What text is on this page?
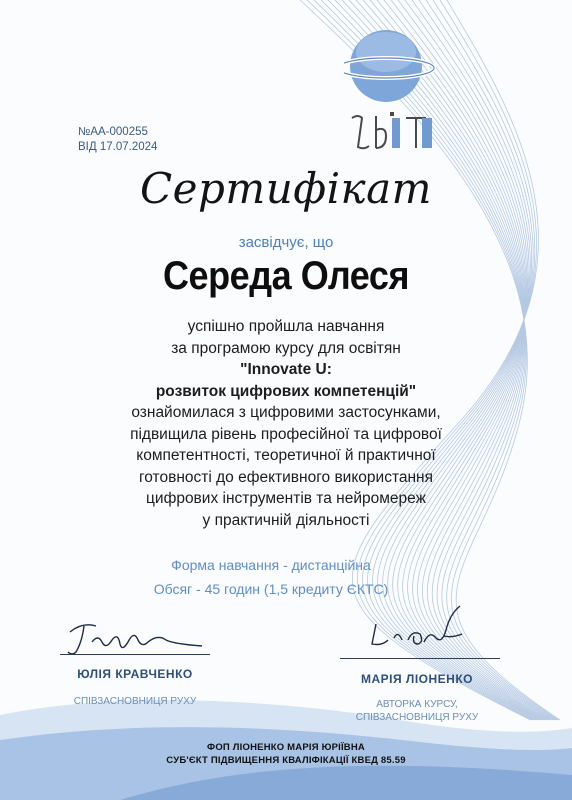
№АА-000255
ВІД 17.07.2024
Сертифікат
засвідчує, що
Середа Олеся
успішно пройшла навчання
за програмою курсу для освітян
"Innovate U:
розвиток цифрових компетенцій"
ознайомилася з цифровими застосунками,
підвищила рівень професійної та цифрової
компетентності, теоретичної й практичної
готовності до ефективного використання
цифрових інструментів та нейромереж
у практичній діяльності
Форма навчання - дистанційна
Обсяг - 45 годин (1,5 кредиту ЄКТС)
ЮЛІЯ КРАВЧЕНКО
СПІВЗАСНОВНИЦЯ РУХУ
МАРІЯ ЛІОНЕНКО
АВТОРКА КУРСУ,
СПІВЗАСНОВНИЦЯ РУХУ
ФОП ЛІОНЕНКО МАРІЯ ЮРІЇВНА
СУБ'ЄКТ ПІДВИЩЕННЯ КВАЛІФІКАЦІЇ КВЕД 85.59
